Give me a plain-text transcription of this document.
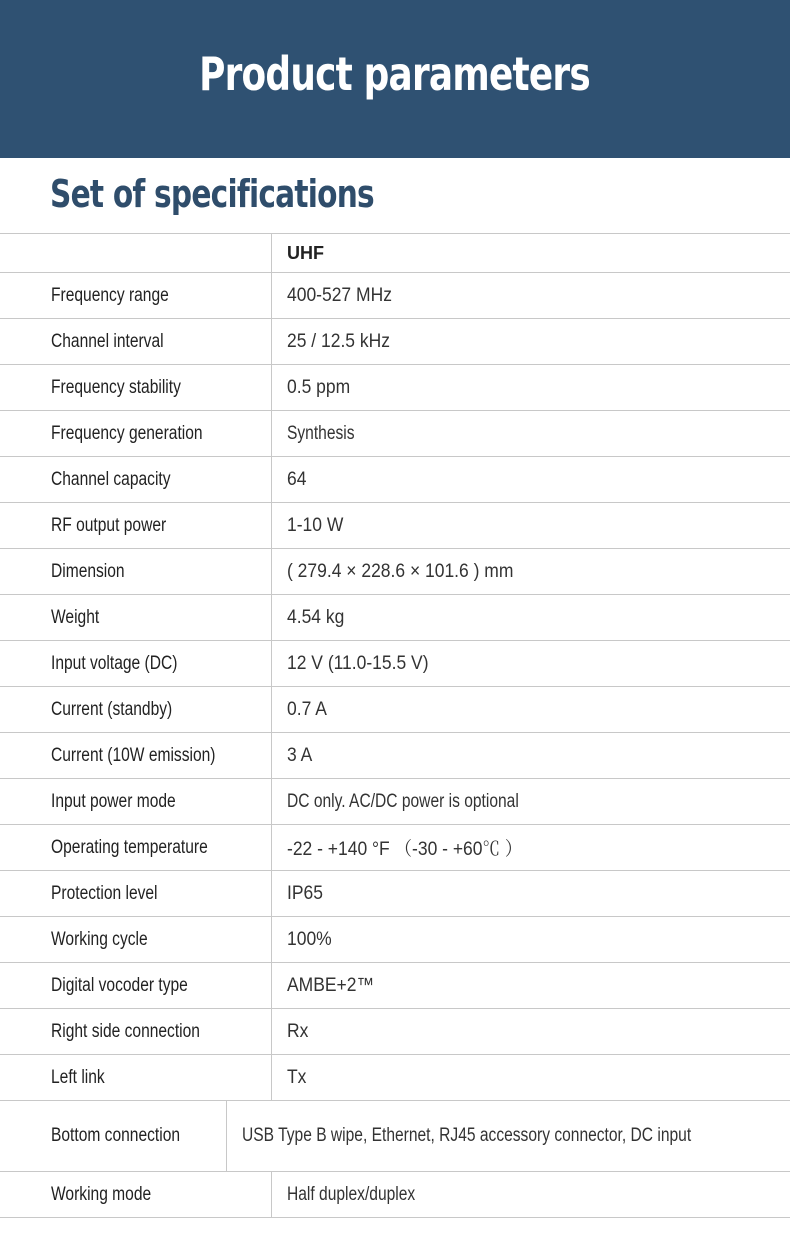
Product parameters
Set of specifications
UHF
Frequency range	400-527 MHz
Channel interval	25 / 12.5 kHz
Frequency stability	0.5 ppm
Frequency generation	Synthesis
Channel capacity	64
RF output power	1-10 W
Dimension	( 279.4 × 228.6 × 101.6 ) mm
Weight	4.54 kg
Input voltage (DC)	12 V (11.0-15.5 V)
Current (standby)	0.7 A
Current (10W emission)	3 A
Input power mode	DC only. AC/DC power is optional
Operating temperature	-22 - +140 °F （-30 - +60℃ ）
Protection level	IP65
Working cycle	100%
Digital vocoder type	AMBE+2™
Right side connection	Rx
Left link	Tx
Bottom connection	USB Type B wipe, Ethernet, RJ45 accessory connector, DC input
Working mode	Half duplex/duplex
